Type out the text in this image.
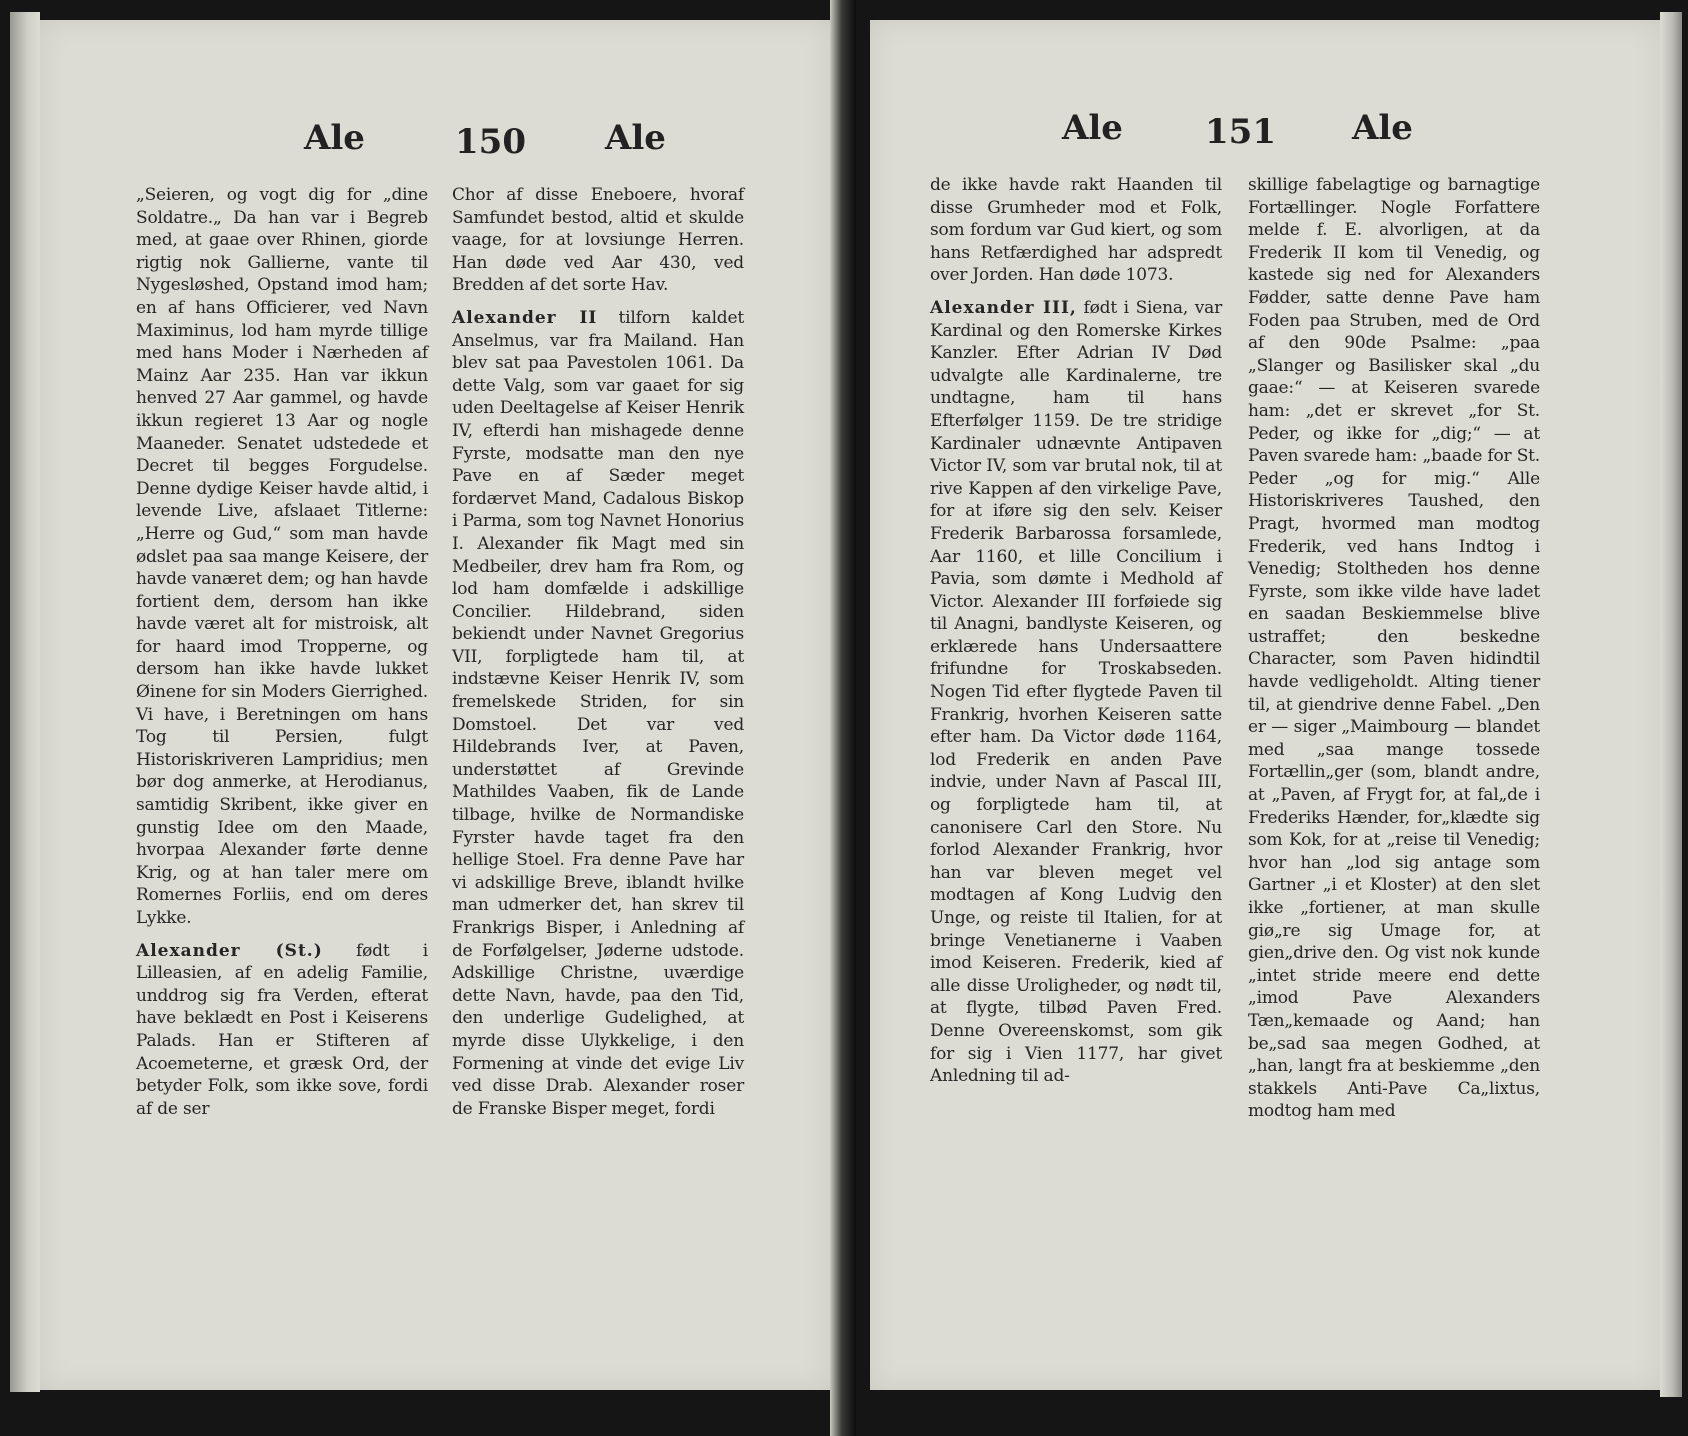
Ale	150 Ale	Ale 151 Ale

„Seieren, og vogt dig for „dine Soldatre.„ Da han var i Begreb med, at gaae over Rhinen, giorde rigtig nok Gallierne, vante til Nygesløshed, Opstand imod ham; en af hans Officierer, ved Navn Maximinus, lod ham myrde tillige med hans Moder i Nærheden af Mainz Aar 235. Han var ikkun henved 27 Aar gammel, og havde ikkun regieret 13 Aar og nogle Maaneder. Senatet udstedede et Decret til begges Forgudelse. Denne dydige Keiser havde altid, i levende Live, afslaaet Titlerne: „Herre og Gud,“ som man havde ødslet paa saa mange Keisere, der havde vanæret dem; og han havde fortient dem, dersom han ikke havde været alt for mistroisk, alt for haard imod Tropperne, og dersom han ikke havde lukket Øinene for sin Moders Gierrighed. Vi have, i Beretningen om hans Tog til Persien, fulgt Historiskriveren Lampridius; men bør dog anmerke, at Herodianus, samtidig Skribent, ikke giver en gunstig Idee om den Maade, hvorpaa Alexander førte denne Krig, og at han taler mere om Romernes Forliis, end om deres Lykke.

Alexander (St.) født i Lilleasien, af en adelig Familie, unddrog sig fra Verden, efterat have beklædt en Post i Keiserens Palads. Han er Stifteren af Acoemeterne, et græsk Ord, der betyder Folk, som ikke sove, fordi af de ser

Chor af disse Eneboere, hvoraf Samfundet bestod, altid et skulde vaage, for at lovsiunge Herren. Han døde ved Aar 430, ved Bredden af det sorte Hav.

Alexander II tilforn kaldet Anselmus, var fra Mailand. Han blev sat paa Pavestolen 1061. Da dette Valg, som var gaaet for sig uden Deeltagelse af Keiser Henrik IV, efterdi han mishagede denne Fyrste, modsatte man den nye Pave en af Sæder meget fordærvet Mand, Cadalous Biskop i Parma, som tog Navnet Honorius I. Alexander fik Magt med sin Medbeiler, drev ham fra Rom, og lod ham domfælde i adskillige Concilier. Hildebrand, siden bekiendt under Navnet Gregorius VII, forpligtede ham til, at indstævne Keiser Henrik IV, som fremelskede Striden, for sin Domstoel. Det var ved Hildebrands Iver, at Paven, understøttet af Grevinde Mathildes Vaaben, fik de Lande tilbage, hvilke de Normandiske Fyrster havde taget fra den hellige Stoel. Fra denne Pave har vi adskillige Breve, iblandt hvilke man udmerker det, han skrev til Frankrigs Bisper, i Anledning af de Forfølgelser, Jøderne udstode. Adskillige Christne, uværdige dette Navn, havde, paa den Tid, den underlige Gudelighed, at myrde disse Ulykkelige, i den Formening at vinde det evige Liv ved disse Drab. Alexander roser de Franske Bisper meget, fordi

de ikke havde rakt Haanden til disse Grumheder mod et Folk, som fordum var Gud kiert, og som hans Retfærdighed har adspredt over Jorden. Han døde 1073.

Alexander III, født i Siena, var Kardinal og den Romerske Kirkes Kanzler. Efter Adrian IV Død udvalgte alle Kardinalerne, tre undtagne, ham til hans Efterfølger 1159. De tre stridige Kardinaler udnævnte Antipaven Victor IV, som var brutal nok, til at rive Kappen af den virkelige Pave, for at iføre sig den selv. Keiser Frederik Barbarossa forsamlede, Aar 1160, et lille Concilium i Pavia, som dømte i Medhold af Victor. Alexander III forføiede sig til Anagni, bandlyste Keiseren, og erklærede hans Undersaattere frifundne for Troskabseden. Nogen Tid efter flygtede Paven til Frankrig, hvorhen Keiseren satte efter ham. Da Victor døde 1164, lod Frederik en anden Pave indvie, under Navn af Pascal III, og forpligtede ham til, at canonisere Carl den Store. Nu forlod Alexander Frankrig, hvor han var bleven meget vel modtagen af Kong Ludvig den Unge, og reiste til Italien, for at bringe Venetianerne i Vaaben imod Keiseren. Frederik, kied af alle disse Uroligheder, og nødt til, at flygte, tilbød Paven Fred. Denne Overeenskomst, som gik for sig i Vien 1177, har givet Anledning til ad-

skillige fabelagtige og barnagtige Fortællinger. Nogle Forfattere melde f. E. alvorligen, at da Frederik II kom til Venedig, og kastede sig ned for Alexanders Fødder, satte denne Pave ham Foden paa Struben, med de Ord af den 90de Psalme: „paa „Slanger og Basilisker skal „du gaae:“ — at Keiseren svarede ham: „det er skrevet „for St. Peder, og ikke for „dig;“ — at Paven svarede ham: „baade for St. Peder „og for mig.“ Alle Historiskriveres Taushed, den Pragt, hvormed man modtog Frederik, ved hans Indtog i Venedig; Stoltheden hos denne Fyrste, som ikke vilde have ladet en saadan Beskiemmelse blive ustraffet; den beskedne Character, som Paven hidindtil havde vedligeholdt. Alting tiener til, at giendrive denne Fabel. „Den er — siger „Maimbourg — blandet med „saa mange tossede Fortællin„ger (som, blandt andre, at „Paven, af Frygt for, at fal„de i Frederiks Hænder, for„klædte sig som Kok, for at „reise til Venedig; hvor han „lod sig antage som Gartner „i et Kloster) at den slet ikke „fortiener, at man skulle giø„re sig Umage for, at gien„drive den. Og vist nok kunde „intet stride meere end dette „imod Pave Alexanders Tæn„kemaade og Aand; han be„sad saa megen Godhed, at „han, langt fra at beskiemme „den stakkels Anti-Pave Ca„lixtus, modtog ham med
